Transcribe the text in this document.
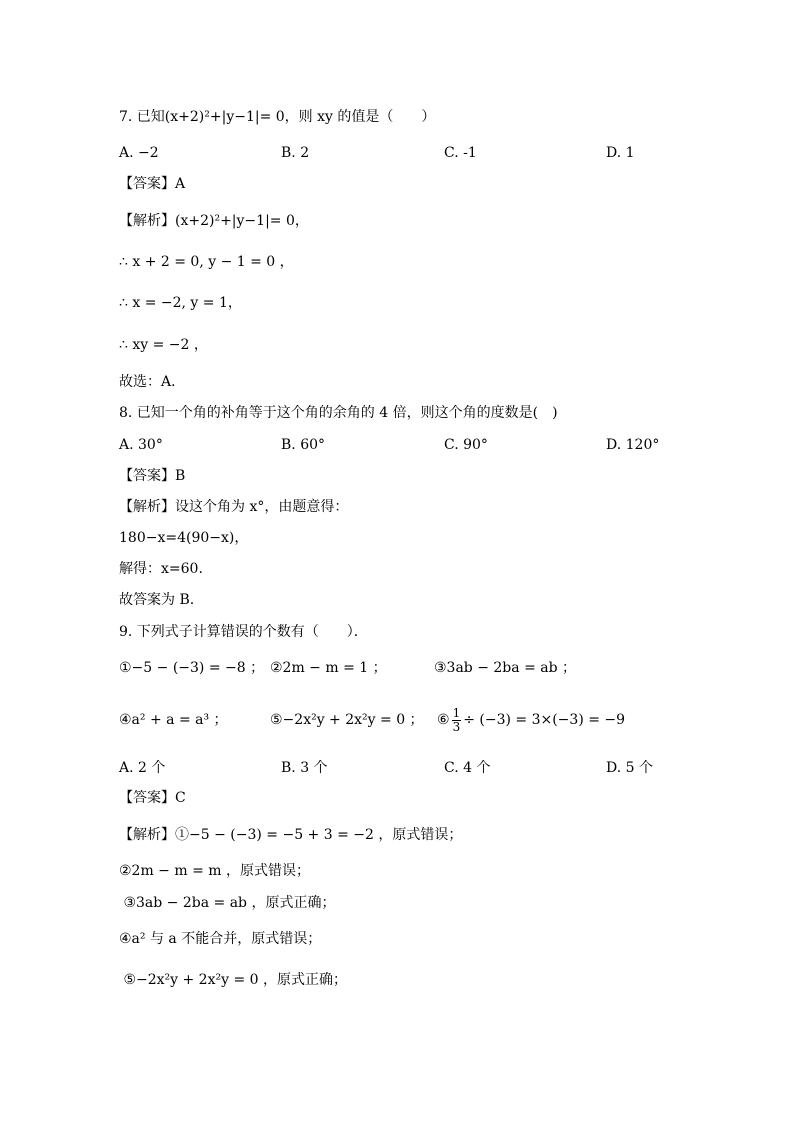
7. 已知(x+2)²+|y−1|= 0，则 xy 的值是（　　）
A. −2	B. 2	C. -1	D. 1
【答案】A
【解析】(x+2)²+|y−1|= 0，
∴ x + 2 = 0, y − 1 = 0 ，
∴ x = −2, y = 1，
∴ xy = −2 ，
故选：A．
8. 已知一个角的补角等于这个角的余角的 4 倍，则这个角的度数是(　)
A. 30°	B. 60°	C. 90°	D. 120°
【答案】B
【解析】设这个角为 x°，由题意得：
180−x=4(90−x)，
解得：x=60.
故答案为 B.
9. 下列式子计算错误的个数有（　　）．
①−5 − (−3) = −8 ； ②2m − m = 1 ；	③3ab − 2ba = ab ；
④a² + a = a³ ；	⑤−2x²y + 2x²y = 0 ； ⑥ $\frac{1}{3} \div (-3) = 3\times(-3) = -9$
A. 2 个	B. 3 个	C. 4 个	D. 5 个
【答案】C
【解析】①−5 − (−3) = −5 + 3 = −2 ，原式错误；
②2m − m = m ，原式错误；
③3ab − 2ba = ab ，原式正确；
④a² 与 a 不能合并，原式错误；
⑤−2x²y + 2x²y = 0 ，原式正确；
